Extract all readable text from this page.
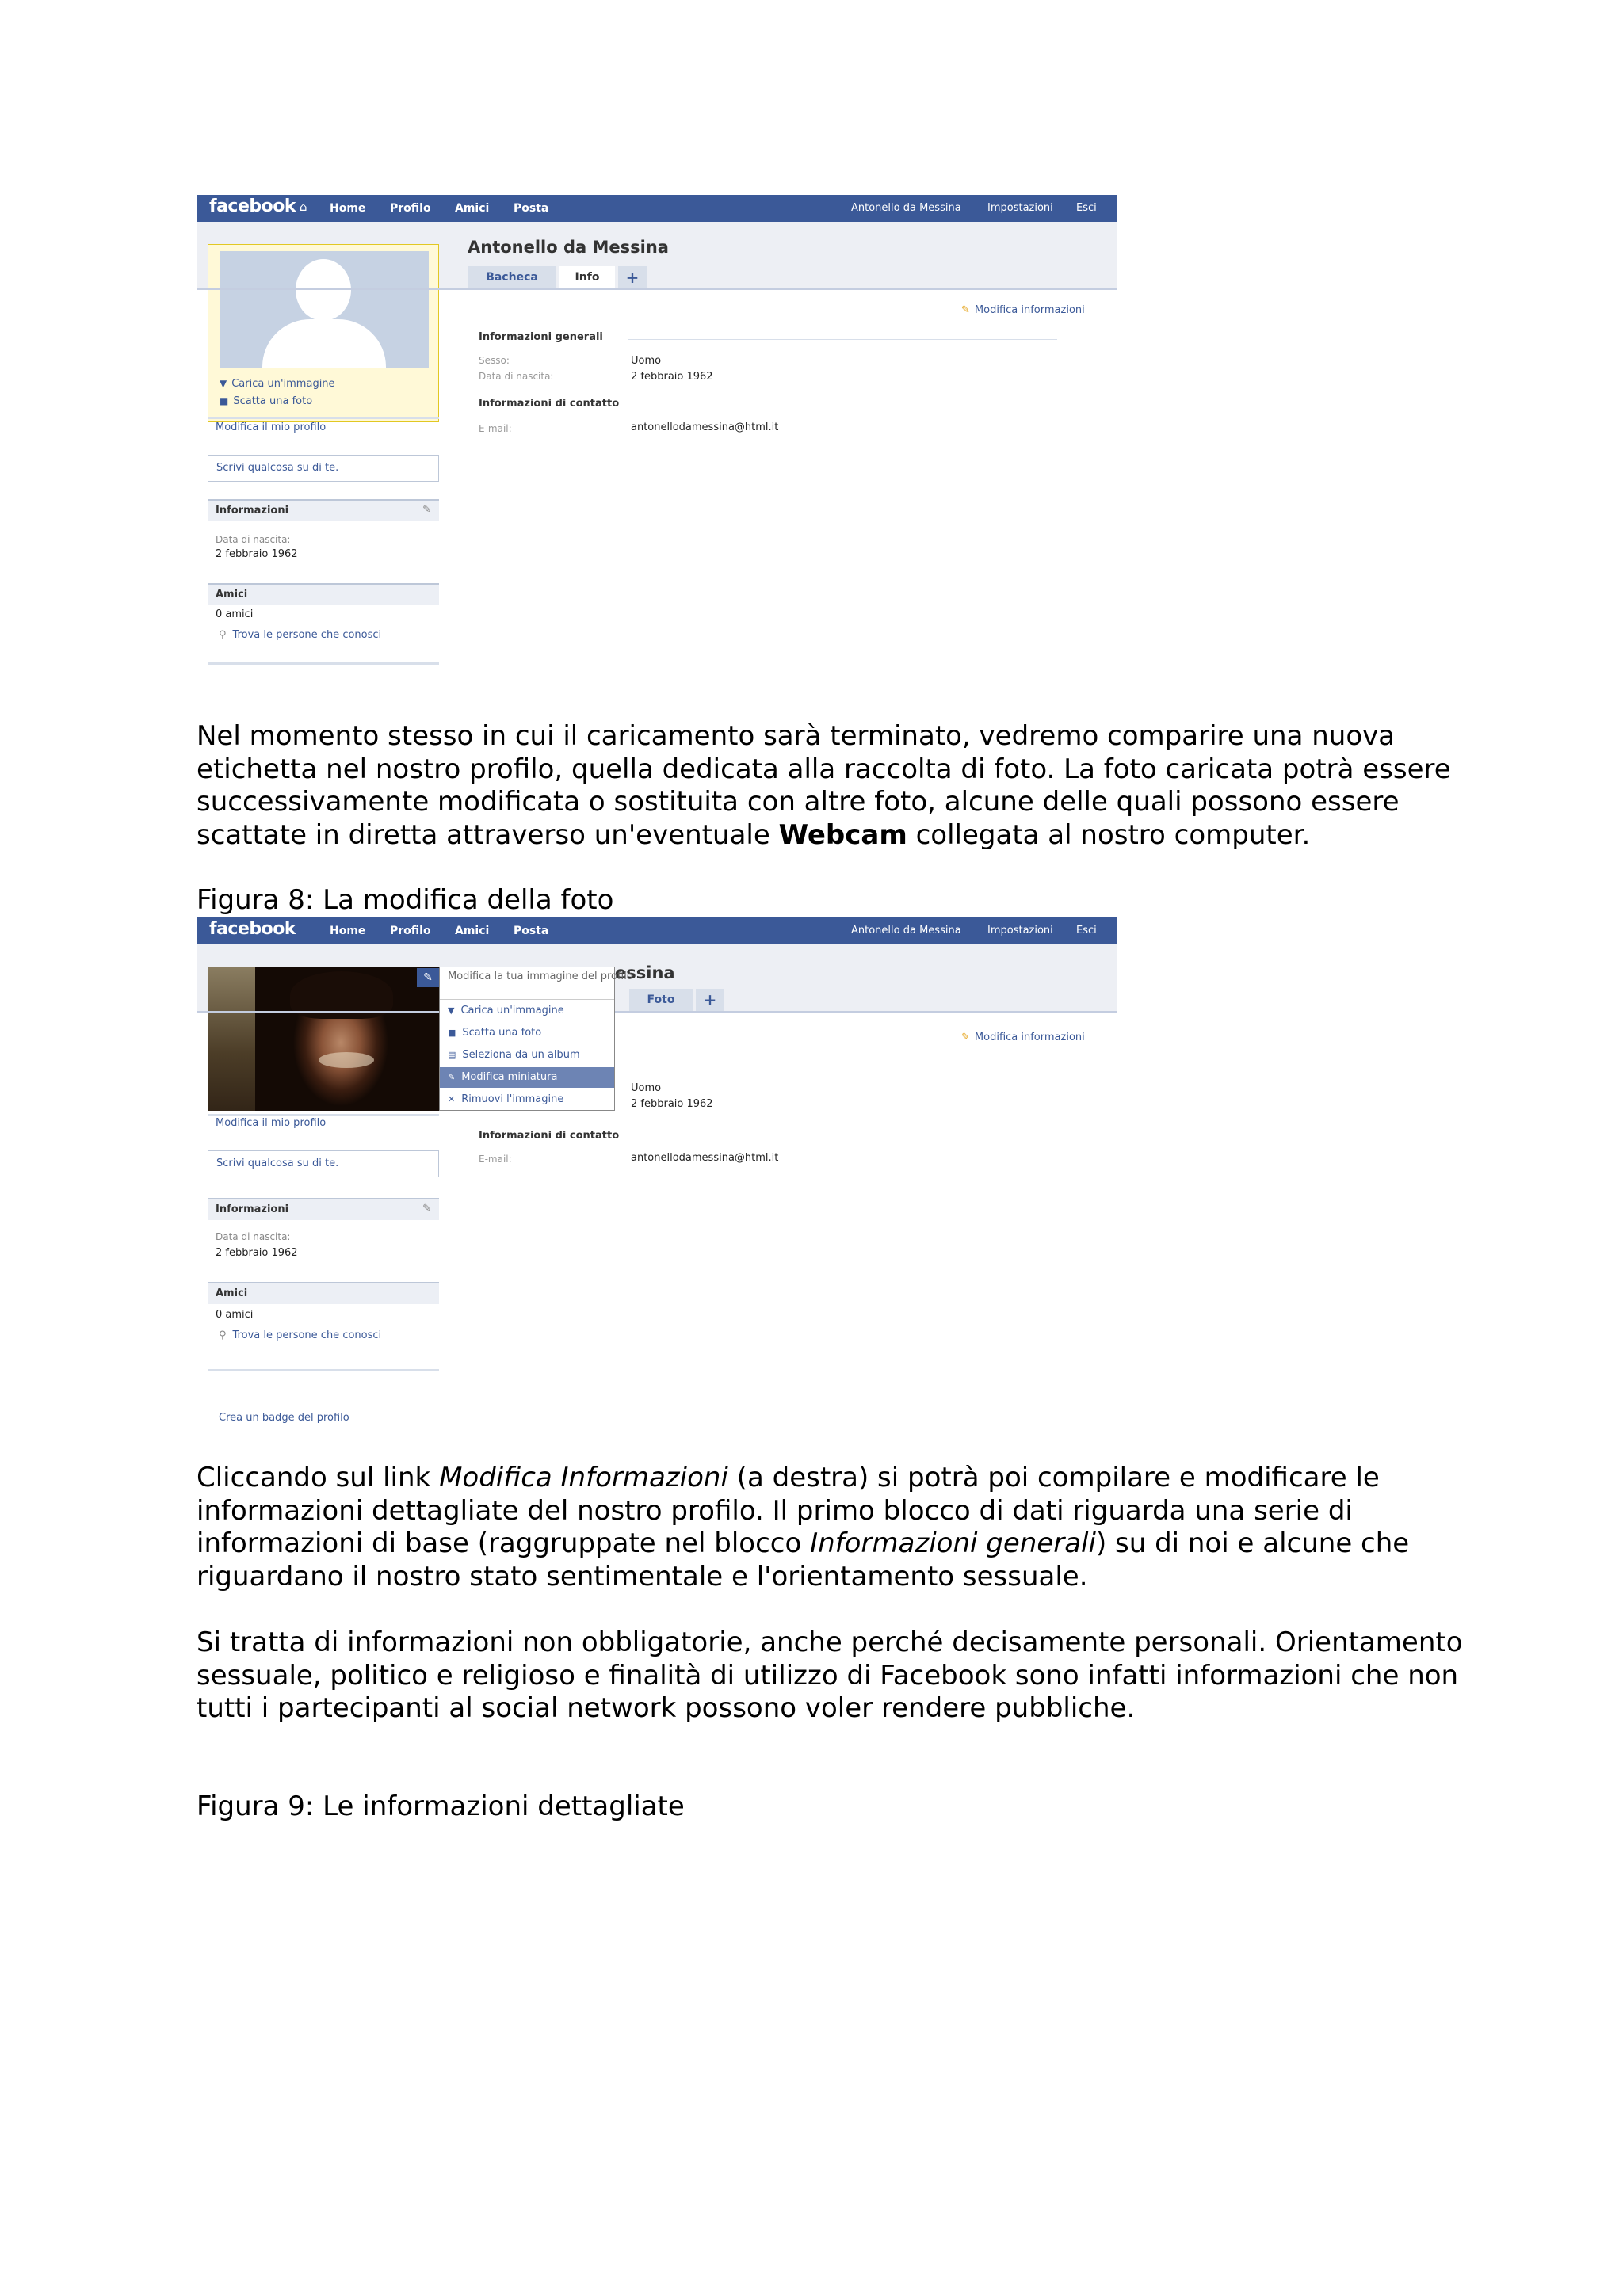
facebook ⌂ Home Profilo Amici Posta	Antonello da Messina	Impostazioni Esci
▼ Carica un'immagine
■ Scatta una foto
Modifica il mio profilo
Scrivi qualcosa su di te.
Informazioni	✎
Data di nascita:
2 febbraio 1962
Amici
0 amici
⚲ Trova le persone che conosci
Antonello da Messina
Bacheca	Info	+
✎ Modifica informazioni
Informazioni generali
Sesso:	Uomo
Data di nascita:	2 febbraio 1962
Informazioni di contatto
E-mail:	antonellodamessina@html.it

Nel momento stesso in cui il caricamento sarà terminato, vedremo comparire una nuova etichetta nel nostro profilo, quella dedicata alla raccolta di foto. La foto caricata potrà essere successivamente modificata o sostituita con altre foto, alcune delle quali possono essere scattate in diretta attraverso un'eventuale Webcam collegata al nostro computer.

Figura 8: La modifica della foto

facebook	Home Profilo Amici Posta	Antonello da Messina	Impostazioni Esci
✎	essina
Foto	+
✎ Modifica informazioni
Uomo
2 febbraio 1962
Informazioni di contatto
E-mail:	antonellodamessina@html.it
Modifica la tua immagine del profilo
▼ Carica un'immagine
■ Scatta una foto
▤ Seleziona da un album
✎ Modifica miniatura
✕ Rimuovi l'immagine
Modifica il mio profilo
Scrivi qualcosa su di te.
Informazioni	✎
Data di nascita:
2 febbraio 1962
Amici
0 amici
⚲ Trova le persone che conosci
Crea un badge del profilo

Cliccando sul link Modifica Informazioni (a destra) si potrà poi compilare e modificare le informazioni dettagliate del nostro profilo. Il primo blocco di dati riguarda una serie di informazioni di base (raggruppate nel blocco Informazioni generali) su di noi e alcune che riguardano il nostro stato sentimentale e l'orientamento sessuale.

Si tratta di informazioni non obbligatorie, anche perché decisamente personali. Orientamento sessuale, politico e religioso e finalità di utilizzo di Facebook sono infatti informazioni che non tutti i partecipanti al social network possono voler rendere pubbliche.

Figura 9: Le informazioni dettagliate
